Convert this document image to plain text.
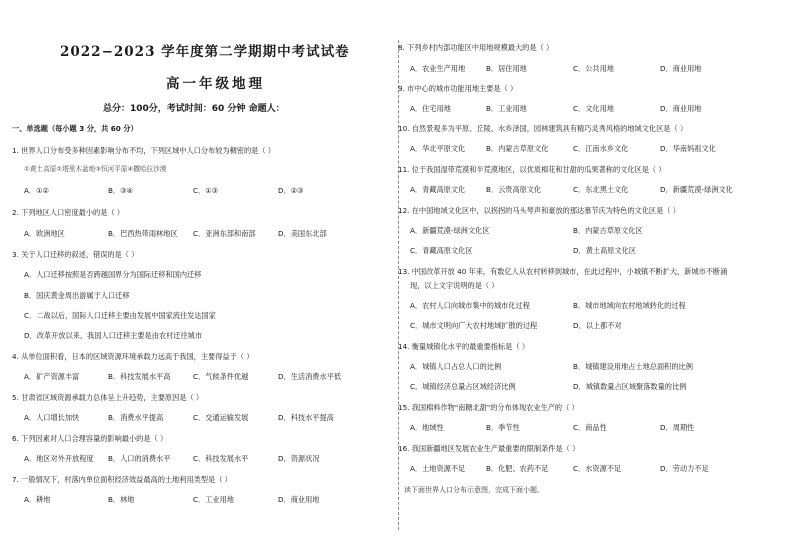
2022−2023 学年度第二学期期中考试试卷
高一年级地理
总分：100分，考试时间：60 分钟 命题人：
一、单选题（每小题 3 分，共 60 分）
1. 世界人口分布受多种因素影响分布不均，下列区域中人口分布较为稠密的是（ ）
①黄土高原②塔里木盆地③恒河平原④撒哈拉沙漠
A．①②	B．③④	C．①③	D．②③
2. 下列地区人口密度最小的是（ ）
A．欧洲地区	B．巴西热带雨林地区 C．亚洲东部和南部	D．美国东北部
3. 关于人口迁移的叙述，错误的是（ ）
A．人口迁移按照是否跨越国界分为国际迁移和国内迁移
B．国庆黄金周出游属于人口迁移
C．二战以后，国际人口迁移主要由发展中国家流往发达国家
D．改革开放以来，我国人口迁移主要是由农村迁往城市
4. 从单位面积看，日本的区域资源环境承载力远高于我国，主要得益于（ ）
A．矿产资源丰富	B．科技发展水平高	C．气候条件优越	D．生活消费水平低
5. 甘肃省区域资源承载力总体呈上升趋势，主要原因是（ ）
A．人口增长加快	B．消费水平提高	C．交通运输发展	D．科技水平提高
6. 下列因素对人口合理容量的影响最小的是（ ）
A．地区对外开放程度 B．人口的消费水平	C．科技发展水平	D．资源状况
7. 一般情况下，村落内单位面积经济效益最高的土地利用类型是（ ）
A．耕地	B．林地	C．工业用地	D．商业用地
8. 下列乡村内部功能区中用地规模最大的是（ ）
A．农业生产用地	B．居住用地	C．公共用地	D．商业用地
9. 市中心的城市功能用地主要是（ ）
A．住宅用地	B．工业用地	C．文化用地	D．商业用地
10. 自然景观多为平原、丘陵、水乡泽国，园林建筑具有精巧灵秀风格的地域文化区是（ ）
A．华北平原文化	B．内蒙古草原文化	C．江南水乡文化	D．华南妈祖文化
11. 位于我国湿带荒漠和半荒漠地区，以优质棉花和甘甜的瓜果著称的文化区是（ ）
A．青藏高原文化	B．云贵高原文化	C．东北黑土文化	D．新疆荒漠-绿洲文化
12. 在中国地域文化区中，以拐拐的马头琴声和豪放的那达慕节庆为特色的文化区是（ ）
A．新疆荒漠-绿洲文化区	B．内蒙古草原文化区
C．青藏高原文化区	D．黄土高原文化区
13. 中国改革开放 40 年来，有数亿人从农村转移到城市，在此过程中，小城镇不断扩大，新城市不断涌
现，以上文字说明的是（ ）
A．农村人口向城市集中的城市化过程	B．城市地域向农村地域转化的过程
C．城市文明向广大农村地域扩散的过程	D．以上都不对
14. 衡量城镇化水平的最重要指标是（ ）
A．城镇人口占总人口的比例	B．城镇建设用地占土地总面积的比例
C．城镇经济总量占区域经济比例	D．城镇数量占区域聚落数量的比例
15. 我国棉料作物"南糖北甜"的分布体现农业生产的（ ）
A．地域性	B．季节性	C．商品性	D．周期性
16. 我国新疆地区发展农业生产最重要的限制条件是（ ）
A．土地资源不足	B．化肥、农药不足	C．水资源不足	D．劳动力不足
读下面世界人口分布示意图，完成下面小题。
